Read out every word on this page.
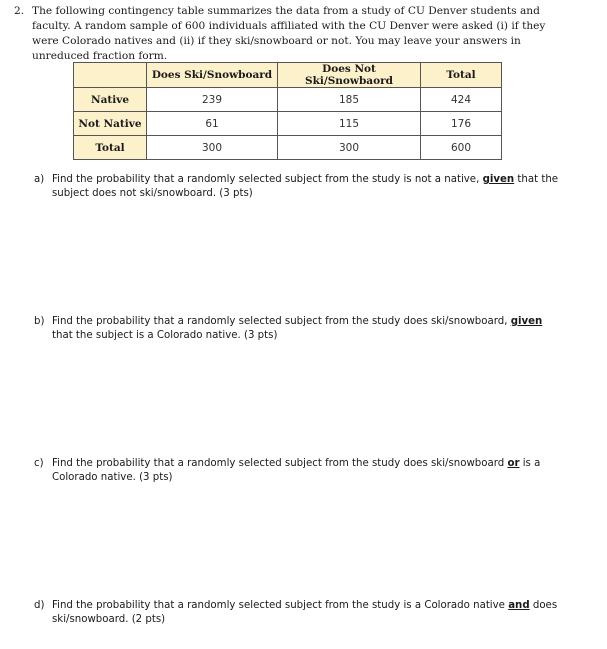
2. The following contingency table summarizes the data from a study of CU Denver students and faculty. A random sample of 600 individuals affiliated with the CU Denver were asked (i) if they were Colorado natives and (ii) if they ski/snowboard or not. You may leave your answers in unreduced fraction form.
	Does Ski/Snowboard	Does Not Ski/Snowbaord	Total
Native	239	185	424
Not Native	61	115	176
Total	300	300	600
a) Find the probability that a randomly selected subject from the study is not a native, given that the subject does not ski/snowboard. (3 pts)
b) Find the probability that a randomly selected subject from the study does ski/snowboard, given that the subject is a Colorado native. (3 pts)
c) Find the probability that a randomly selected subject from the study does ski/snowboard or is a Colorado native. (3 pts)
d) Find the probability that a randomly selected subject from the study is a Colorado native and does ski/snowboard. (2 pts)
